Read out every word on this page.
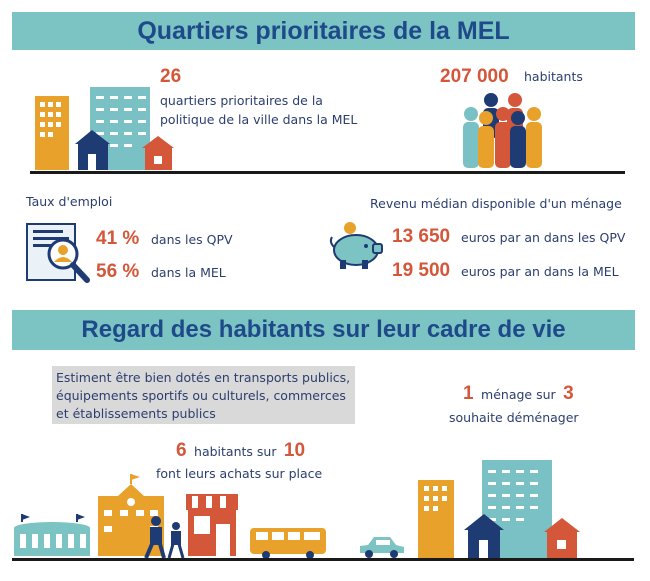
Quartiers prioritaires de la MEL
26
quartiers prioritaires de la
politique de la ville dans la MEL
207 000 habitants
Taux d'emploi
41 % dans les QPV
56 % dans la MEL
Revenu médian disponible d'un ménage
13 650 euros par an dans les QPV
19 500 euros par an dans la MEL
Regard des habitants sur leur cadre de vie
Estiment être bien dotés en transports publics,
équipements sportifs ou culturels, commerces
et établissements publics
1 ménage sur 3
souhaite déménager
6 habitants sur 10
font leurs achats sur place
